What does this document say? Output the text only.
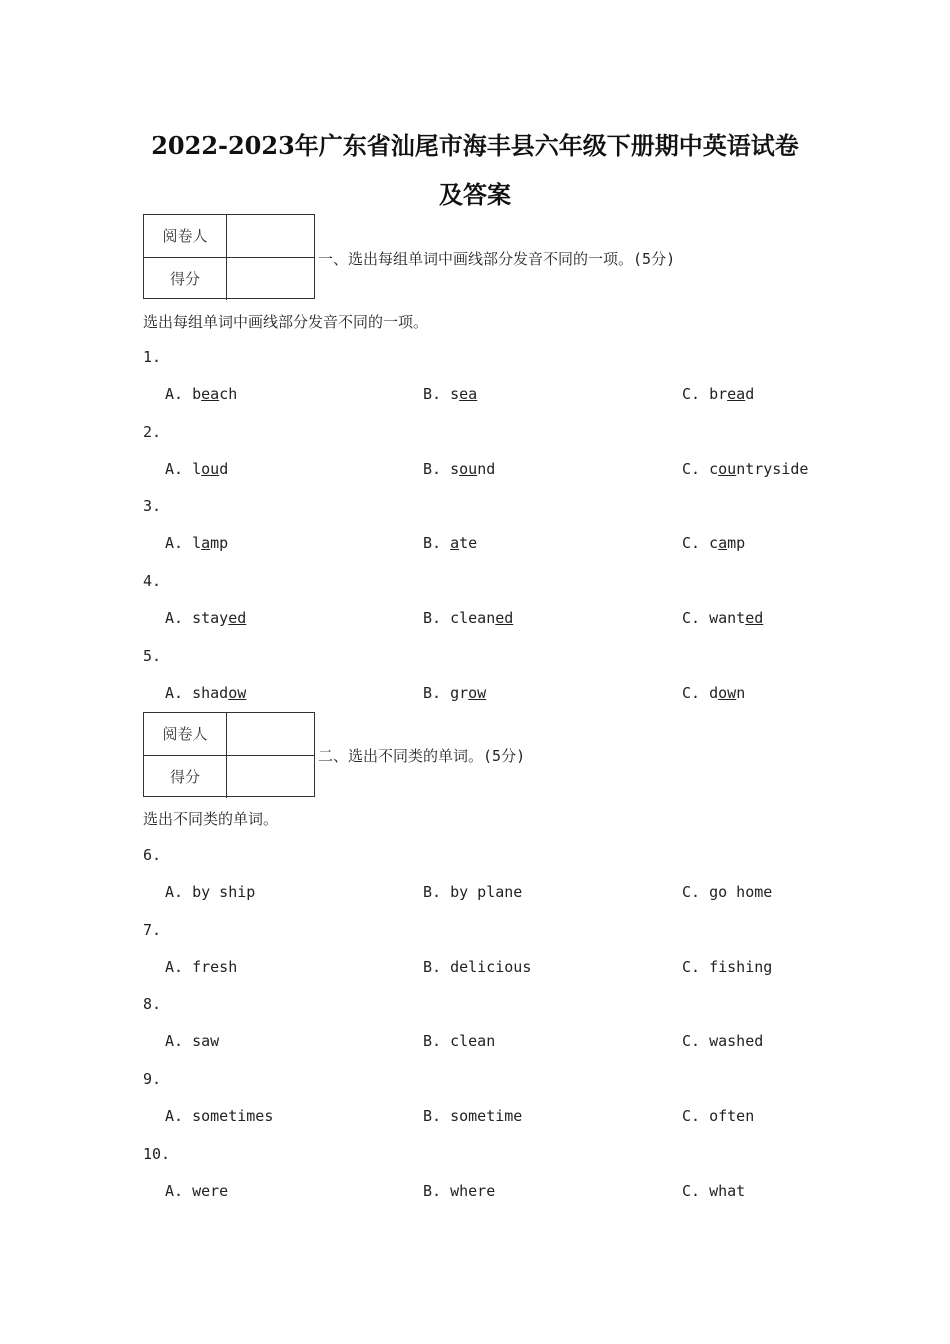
2022-2023年广东省汕尾市海丰县六年级下册期中英语试卷
及答案
阅卷人
得分
一、选出每组单词中画线部分发音不同的一项。(5分)
选出每组单词中画线部分发音不同的一项。
1.
A. beach	B. sea	C. bread
2.
A. loud	B. sound	C. countryside
3.
A. lamp	B. ate	C. camp
4.
A. stayed	B. cleaned	C. wanted
5.
A. shadow	B. grow	C. down
阅卷人
得分
二、选出不同类的单词。(5分)
选出不同类的单词。
6.
A. by ship	B. by plane	C. go home
7.
A. fresh	B. delicious	C. fishing
8.
A. saw	B. clean	C. washed
9.
A. sometimes	B. sometime	C. often
10.
A. were	B. where	C. what
